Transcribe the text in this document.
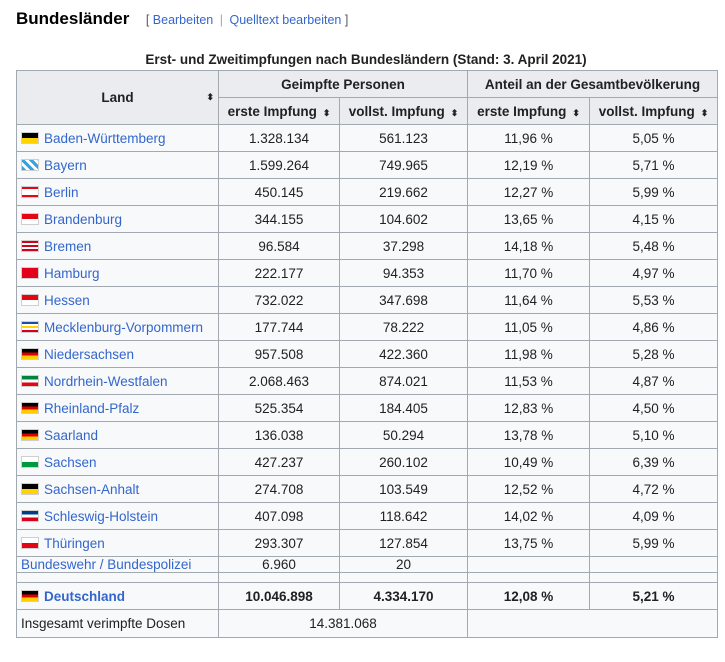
Bundesländer [ Bearbeiten | Quelltext bearbeiten ]
Erst- und Zweitimpfungen nach Bundesländern (Stand: 3. April 2021)
Land ⬍	Geimpfte Personen		Anteil an der Gesamtbevölkerung	
	erste Impfung ⬍	vollst. Impfung ⬍	erste Impfung ⬍	vollst. Impfung ⬍
Baden-Württemberg	1.328.134	561.123	11,96 %	5,05 %
Bayern	1.599.264	749.965	12,19 %	5,71 %
Berlin	450.145	219.662	12,27 %	5,99 %
Brandenburg	344.155	104.602	13,65 %	4,15 %
Bremen	96.584	37.298	14,18 %	5,48 %
Hamburg	222.177	94.353	11,70 %	4,97 %
Hessen	732.022	347.698	11,64 %	5,53 %
Mecklenburg-Vorpommern	177.744	78.222	11,05 %	4,86 %
Niedersachsen	957.508	422.360	11,98 %	5,28 %
Nordrhein-Westfalen	2.068.463	874.021	11,53 %	4,87 %
Rheinland-Pfalz	525.354	184.405	12,83 %	4,50 %
Saarland	136.038	50.294	13,78 %	5,10 %
Sachsen	427.237	260.102	10,49 %	6,39 %
Sachsen-Anhalt	274.708	103.549	12,52 %	4,72 %
Schleswig-Holstein	407.098	118.642	14,02 %	4,09 %
Thüringen	293.307	127.854	13,75 %	5,99 %
Bundeswehr / Bundespolizei	6.960	20		

Deutschland	10.046.898	4.334.170	12,08 %	5,21 %
Insgesamt verimpfte Dosen	14.381.068			
